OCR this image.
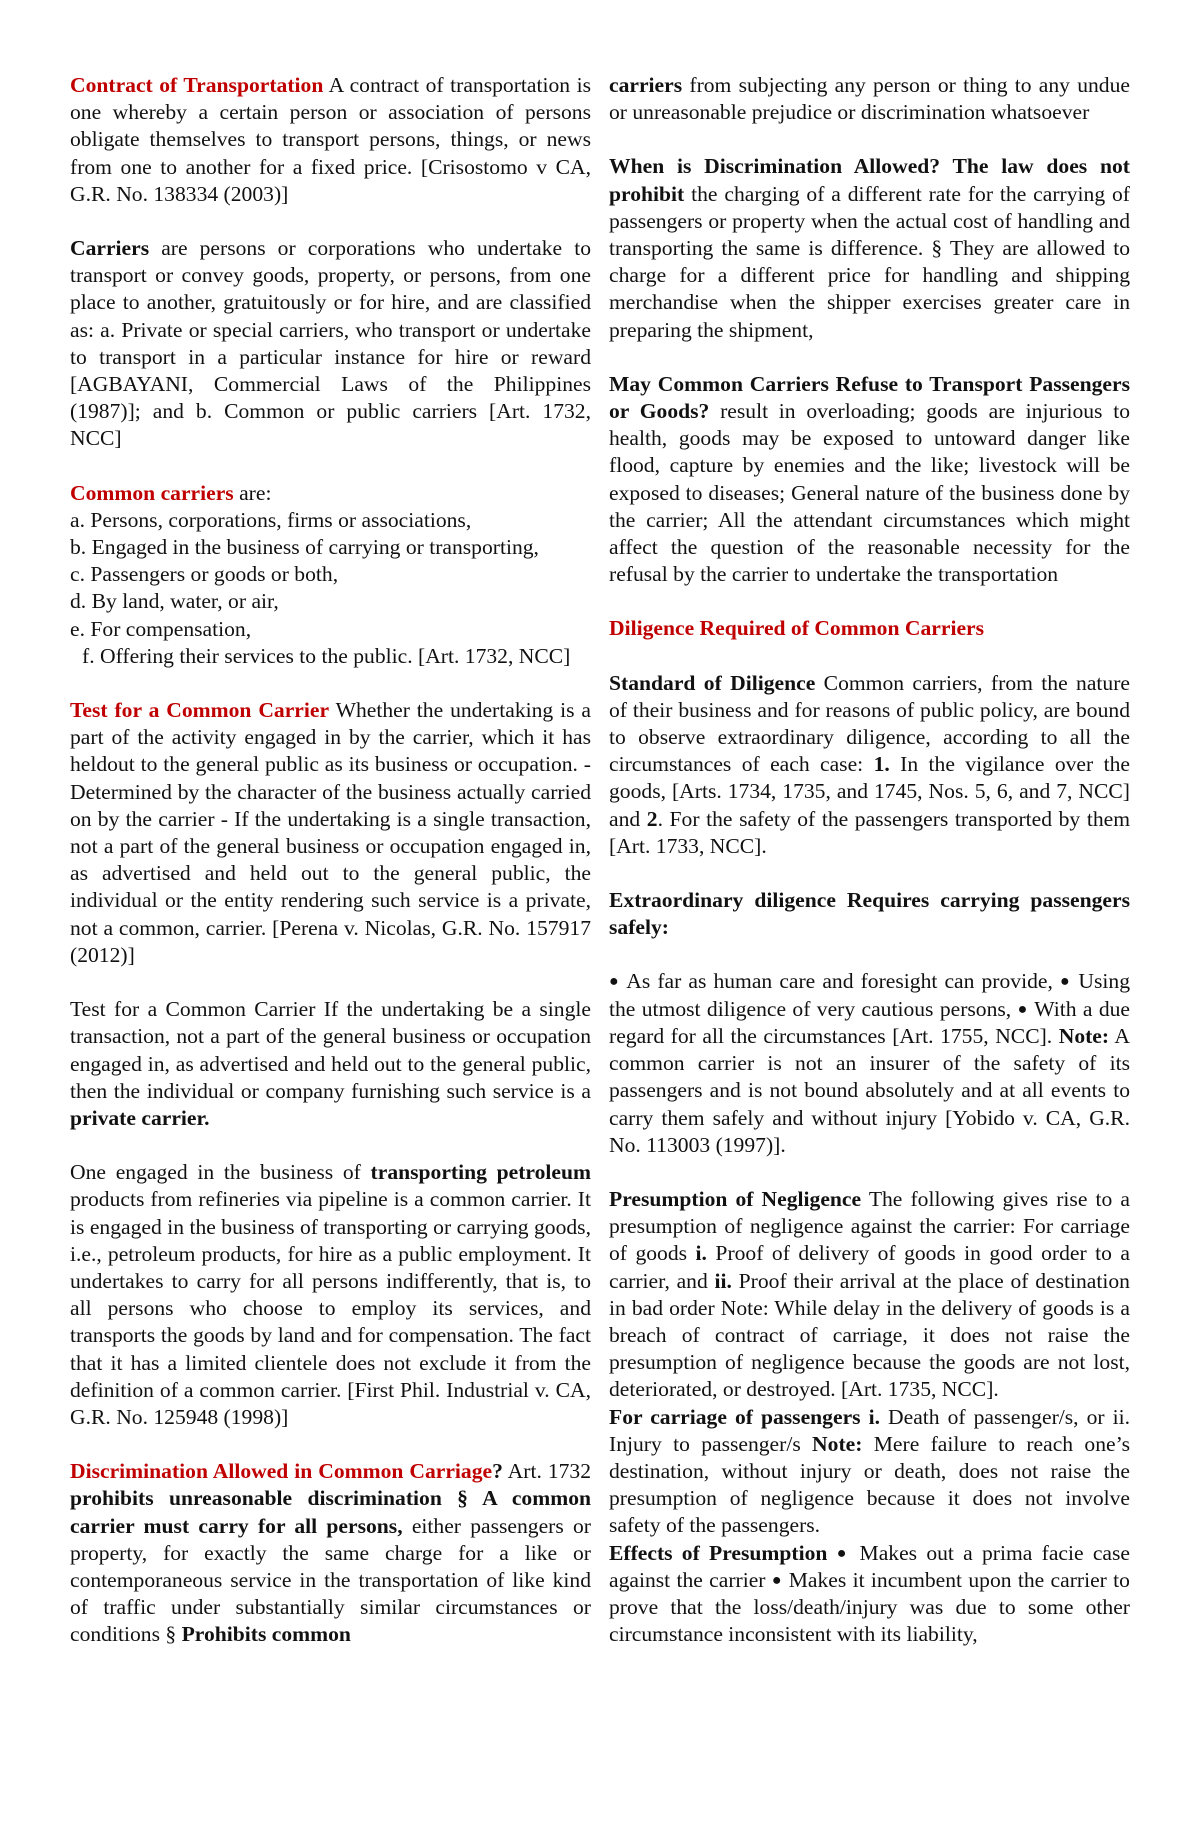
Contract of Transportation A contract of transportation is one whereby a certain person or association of persons obligate themselves to transport persons, things, or news from one to another for a fixed price. [Crisostomo v CA, G.R. No. 138334 (2003)]

Carriers are persons or corporations who undertake to transport or convey goods, property, or persons, from one place to another, gratuitously or for hire, and are classified as: a. Private or special carriers, who transport or undertake to transport in a particular instance for hire or reward [AGBAYANI, Commercial Laws of the Philippines (1987)]; and b. Common or public carriers [Art. 1732, NCC]

Common carriers are:

a. Persons, corporations, firms or associations,

b. Engaged in the business of carrying or transporting,

c. Passengers or goods or both,

d. By land, water, or air,

e. For compensation,

f. Offering their services to the public. [Art. 1732, NCC]

Test for a Common Carrier Whether the undertaking is a part of the activity engaged in by the carrier, which it has heldout to the general public as its business or occupation. - Determined by the character of the business actually carried on by the carrier - If the undertaking is a single transaction, not a part of the general business or occupation engaged in, as advertised and held out to the general public, the individual or the entity rendering such service is a private, not a common, carrier. [Perena v. Nicolas, G.R. No. 157917 (2012)]

Test for a Common Carrier If the undertaking be a single transaction, not a part of the general business or occupation engaged in, as advertised and held out to the general public, then the individual or company furnishing such service is a private carrier.

One engaged in the business of transporting petroleum products from refineries via pipeline is a common carrier. It is engaged in the business of transporting or carrying goods, i.e., petroleum products, for hire as a public employment. It undertakes to carry for all persons indifferently, that is, to all persons who choose to employ its services, and transports the goods by land and for compensation. The fact that it has a limited clientele does not exclude it from the definition of a common carrier. [First Phil. Industrial v. CA, G.R. No. 125948 (1998)]

Discrimination Allowed in Common Carriage? Art. 1732 prohibits unreasonable discrimination § A common carrier must carry for all persons, either passengers or property, for exactly the same charge for a like or contemporaneous service in the transportation of like kind of traffic under substantially similar circumstances or conditions § Prohibits common

carriers from subjecting any person or thing to any undue or unreasonable prejudice or discrimination whatsoever

When is Discrimination Allowed? The law does not prohibit the charging of a different rate for the carrying of passengers or property when the actual cost of handling and transporting the same is difference. § They are allowed to charge for a different price for handling and shipping merchandise when the shipper exercises greater care in preparing the shipment,

May Common Carriers Refuse to Transport Passengers or Goods? result in overloading; goods are injurious to health, goods may be exposed to untoward danger like flood, capture by enemies and the like; livestock will be exposed to diseases; General nature of the business done by the carrier; All the attendant circumstances which might affect the question of the reasonable necessity for the refusal by the carrier to undertake the transportation

Diligence Required of Common Carriers

Standard of Diligence Common carriers, from the nature of their business and for reasons of public policy, are bound to observe extraordinary diligence, according to all the circumstances of each case: 1. In the vigilance over the goods, [Arts. 1734, 1735, and 1745, Nos. 5, 6, and 7, NCC] and 2. For the safety of the passengers transported by them [Art. 1733, NCC].

Extraordinary diligence Requires carrying passengers safely:

● As far as human care and foresight can provide, ● Using the utmost diligence of very cautious persons, ● With a due regard for all the circumstances [Art. 1755, NCC]. Note: A common carrier is not an insurer of the safety of its passengers and is not bound absolutely and at all events to carry them safely and without injury [Yobido v. CA, G.R. No. 113003 (1997)].

Presumption of Negligence The following gives rise to a presumption of negligence against the carrier: For carriage of goods i. Proof of delivery of goods in good order to a carrier, and ii. Proof their arrival at the place of destination in bad order Note: While delay in the delivery of goods is a breach of contract of carriage, it does not raise the presumption of negligence because the goods are not lost, deteriorated, or destroyed. [Art. 1735, NCC].

For carriage of passengers i. Death of passenger/s, or ii. Injury to passenger/s Note: Mere failure to reach one’s destination, without injury or death, does not raise the presumption of negligence because it does not involve safety of the passengers.

Effects of Presumption ● Makes out a prima facie case against the carrier ● Makes it incumbent upon the carrier to prove that the loss/death/injury was due to some other circumstance inconsistent with its liability,
